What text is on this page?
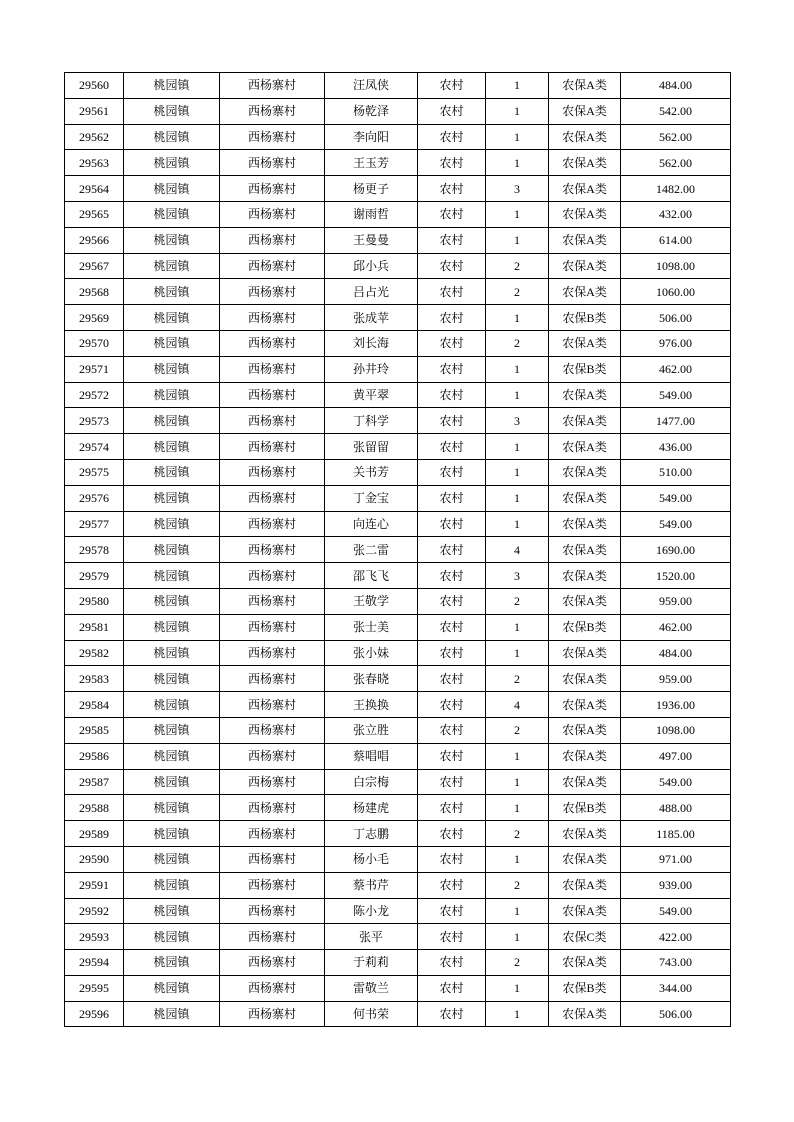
29560	桃园镇	西杨寨村	汪凤侠	农村	1	农保A类	484.00
29561	桃园镇	西杨寨村	杨乾泽	农村	1	农保A类	542.00
29562	桃园镇	西杨寨村	李向阳	农村	1	农保A类	562.00
29563	桃园镇	西杨寨村	王玉芳	农村	1	农保A类	562.00
29564	桃园镇	西杨寨村	杨更子	农村	3	农保A类	1482.00
29565	桃园镇	西杨寨村	谢雨哲	农村	1	农保A类	432.00
29566	桃园镇	西杨寨村	王曼曼	农村	1	农保A类	614.00
29567	桃园镇	西杨寨村	邱小兵	农村	2	农保A类	1098.00
29568	桃园镇	西杨寨村	吕占光	农村	2	农保A类	1060.00
29569	桃园镇	西杨寨村	张成苹	农村	1	农保B类	506.00
29570	桃园镇	西杨寨村	刘长海	农村	2	农保A类	976.00
29571	桃园镇	西杨寨村	孙井玲	农村	1	农保B类	462.00
29572	桃园镇	西杨寨村	黄平翠	农村	1	农保A类	549.00
29573	桃园镇	西杨寨村	丁科学	农村	3	农保A类	1477.00
29574	桃园镇	西杨寨村	张留留	农村	1	农保A类	436.00
29575	桃园镇	西杨寨村	关书芳	农村	1	农保A类	510.00
29576	桃园镇	西杨寨村	丁金宝	农村	1	农保A类	549.00
29577	桃园镇	西杨寨村	向连心	农村	1	农保A类	549.00
29578	桃园镇	西杨寨村	张二雷	农村	4	农保A类	1690.00
29579	桃园镇	西杨寨村	邵飞飞	农村	3	农保A类	1520.00
29580	桃园镇	西杨寨村	王敬学	农村	2	农保A类	959.00
29581	桃园镇	西杨寨村	张士美	农村	1	农保B类	462.00
29582	桃园镇	西杨寨村	张小妹	农村	1	农保A类	484.00
29583	桃园镇	西杨寨村	张春晓	农村	2	农保A类	959.00
29584	桃园镇	西杨寨村	王换换	农村	4	农保A类	1936.00
29585	桃园镇	西杨寨村	张立胜	农村	2	农保A类	1098.00
29586	桃园镇	西杨寨村	蔡唱唱	农村	1	农保A类	497.00
29587	桃园镇	西杨寨村	白宗梅	农村	1	农保A类	549.00
29588	桃园镇	西杨寨村	杨建虎	农村	1	农保B类	488.00
29589	桃园镇	西杨寨村	丁志鹏	农村	2	农保A类	1185.00
29590	桃园镇	西杨寨村	杨小毛	农村	1	农保A类	971.00
29591	桃园镇	西杨寨村	蔡书芹	农村	2	农保A类	939.00
29592	桃园镇	西杨寨村	陈小龙	农村	1	农保A类	549.00
29593	桃园镇	西杨寨村	张平	农村	1	农保C类	422.00
29594	桃园镇	西杨寨村	于莉莉	农村	2	农保A类	743.00
29595	桃园镇	西杨寨村	雷敬兰	农村	1	农保B类	344.00
29596	桃园镇	西杨寨村	何书荣	农村	1	农保A类	506.00
